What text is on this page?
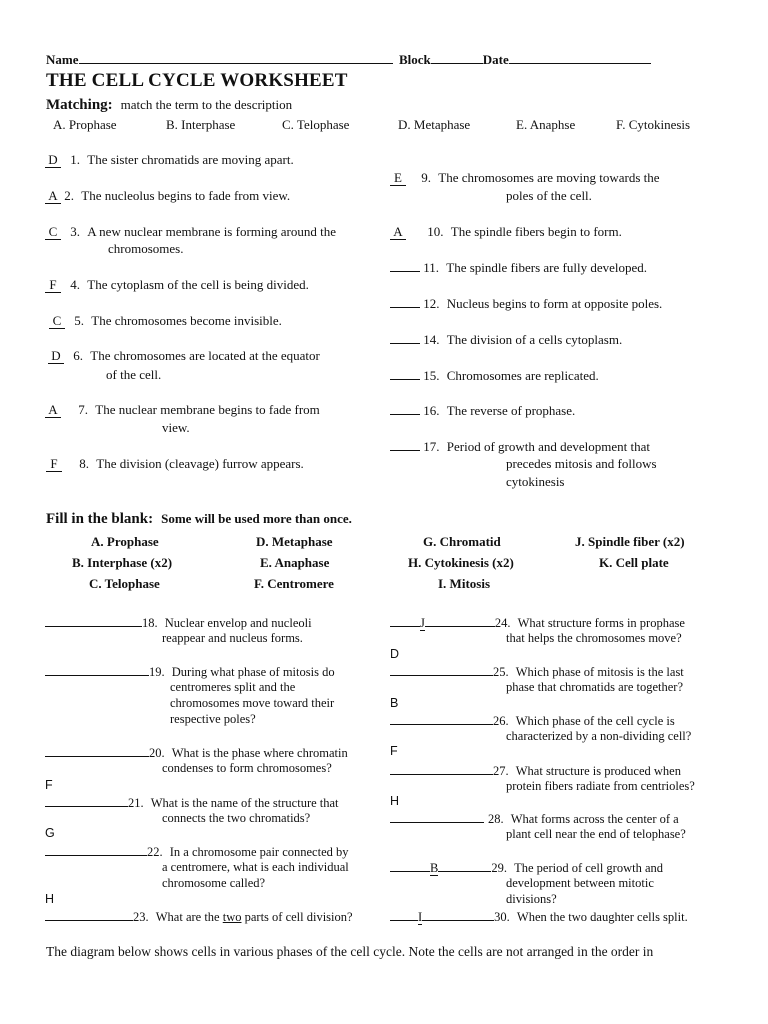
Name	Block	Date
THE CELL CYCLE WORKSHEET
Matching: match the term to the description
A. Prophase	B. Interphase	C. Telophase	D. Metaphase	E. Anaphse	F. Cytokinesis
D 1. The sister chromatids are moving apart.
A 2. The nucleolus begins to fade from view.
C 3. A new nuclear membrane is forming around the
chromosomes.
F 4. The cytoplasm of the cell is being divided.
C 5. The chromosomes become invisible.
D 6. The chromosomes are located at the equator
of the cell.
A 7. The nuclear membrane begins to fade from
view.
F 8. The division (cleavage) furrow appears.
E 9. The chromosomes are moving towards the
poles of the cell.
A 10. The spindle fibers begin to form.
11. The spindle fibers are fully developed.
12. Nucleus begins to form at opposite poles.
14. The division of a cells cytoplasm.
15. Chromosomes are replicated.
16. The reverse of prophase.
17. Period of growth and development that
precedes mitosis and follows
cytokinesis
Fill in the blank: Some will be used more than once.
A. Prophase	D. Metaphase	G. Chromatid	J. Spindle fiber (x2)
B. Interphase (x2)	E. Anaphase	H. Cytokinesis (x2)	K. Cell plate
C. Telophase	F. Centromere	I. Mitosis
18. Nuclear envelop and nucleoli
reappear and nucleus forms.
19. During what phase of mitosis do
centromeres split and the
chromosomes move toward their
respective poles?
20. What is the phase where chromatin
condenses to form chromosomes?
F
21. What is the name of the structure that
connects the two chromatids?
G
22. In a chromosome pair connected by
a centromere, what is each individual
chromosome called?
H
23. What are the two parts of cell division?
J	24. What structure forms in prophase
that helps the chromosomes move?
D
25. Which phase of mitosis is the last
phase that chromatids are together?
B
26. Which phase of the cell cycle is
characterized by a non-dividing cell?
F
27. What structure is produced when
protein fibers radiate from centrioles?
H
28. What forms across the center of a
plant cell near the end of telophase?
B	29. The period of cell growth and
development between mitotic
divisions?
I	30. When the two daughter cells split.
The diagram below shows cells in various phases of the cell cycle. Note the cells are not arranged in the order in
